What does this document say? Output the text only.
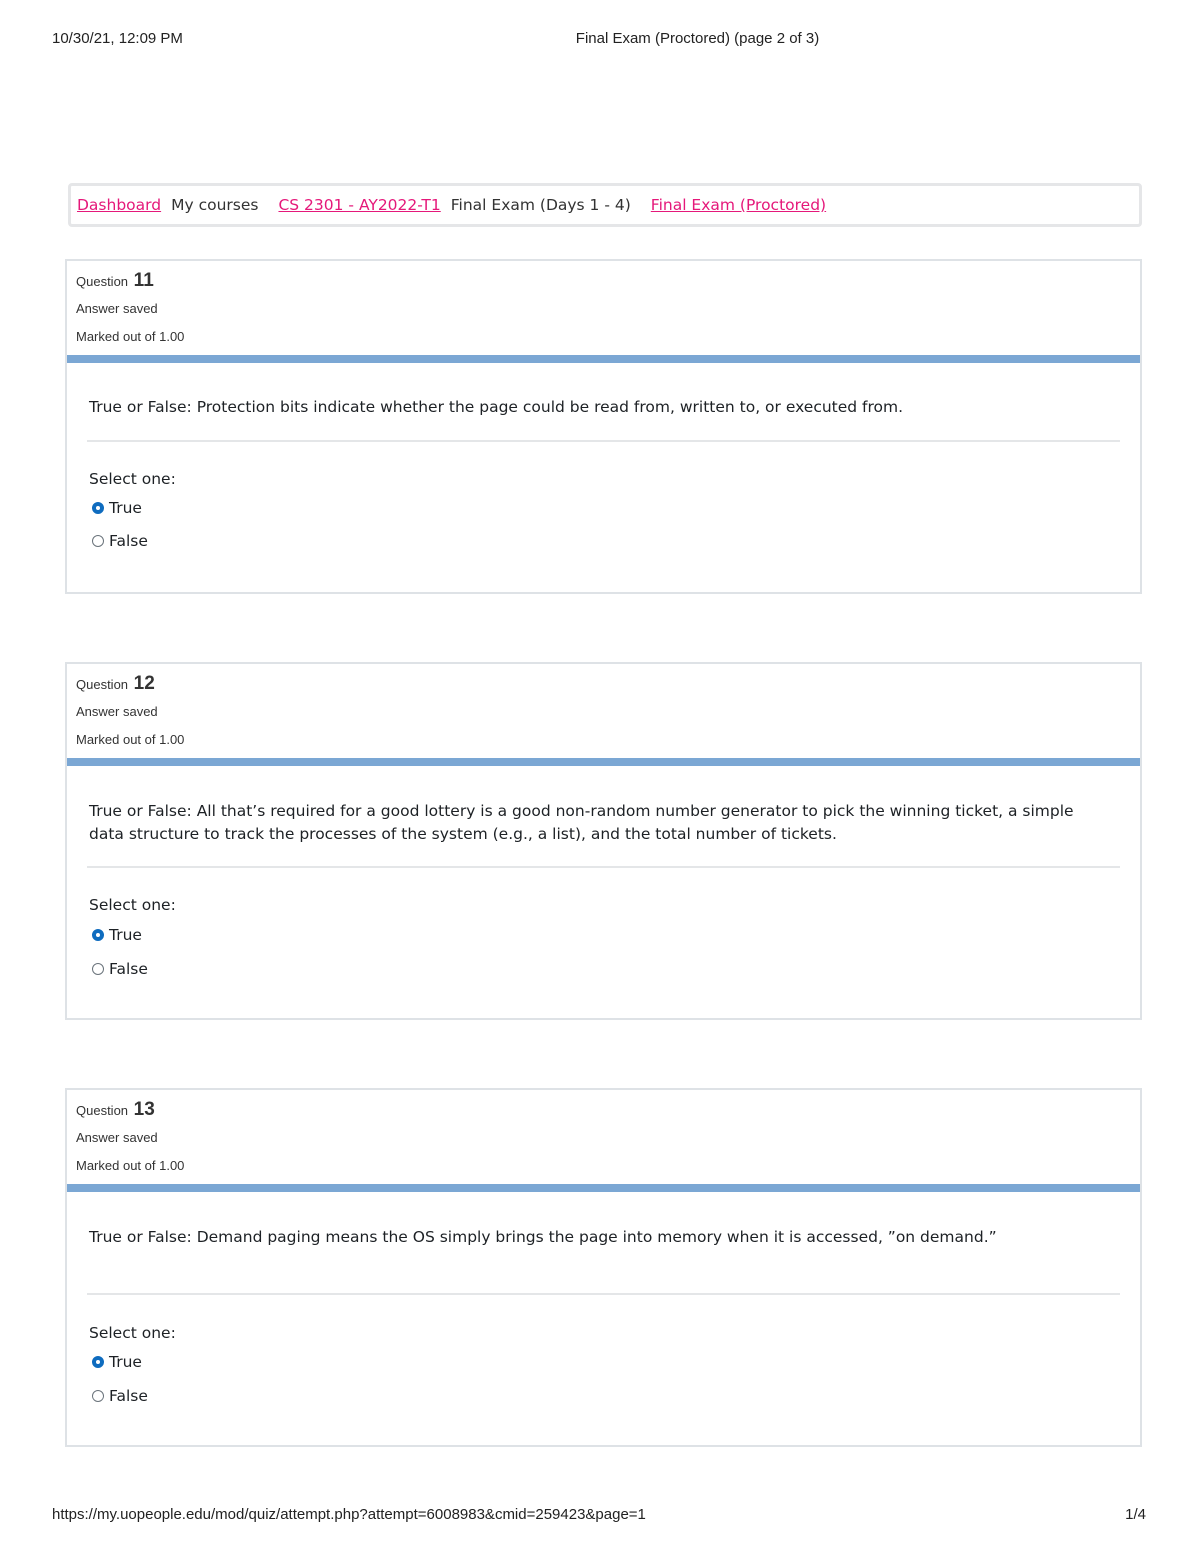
10/30/21, 12:09 PM	Final Exam (Proctored) (page 2 of 3)
Dashboard My courses CS 2301 - AY2022-T1 Final Exam (Days 1 - 4) Final Exam (Proctored)
Question 11
Answer saved
Marked out of 1.00
True or False: Protection bits indicate whether the page could be read from, written to, or executed from.
Select one:
True
False
Question 12
Answer saved
Marked out of 1.00
True or False: All that’s required for a good lottery is a good non-random number generator to pick the winning ticket, a simple data structure to track the processes of the system (e.g., a list), and the total number of tickets.
Select one:
True
False
Question 13
Answer saved
Marked out of 1.00
True or False: Demand paging means the OS simply brings the page into memory when it is accessed, ”on demand.”
Select one:
True
False
https://my.uopeople.edu/mod/quiz/attempt.php?attempt=6008983&cmid=259423&page=1	1/4
